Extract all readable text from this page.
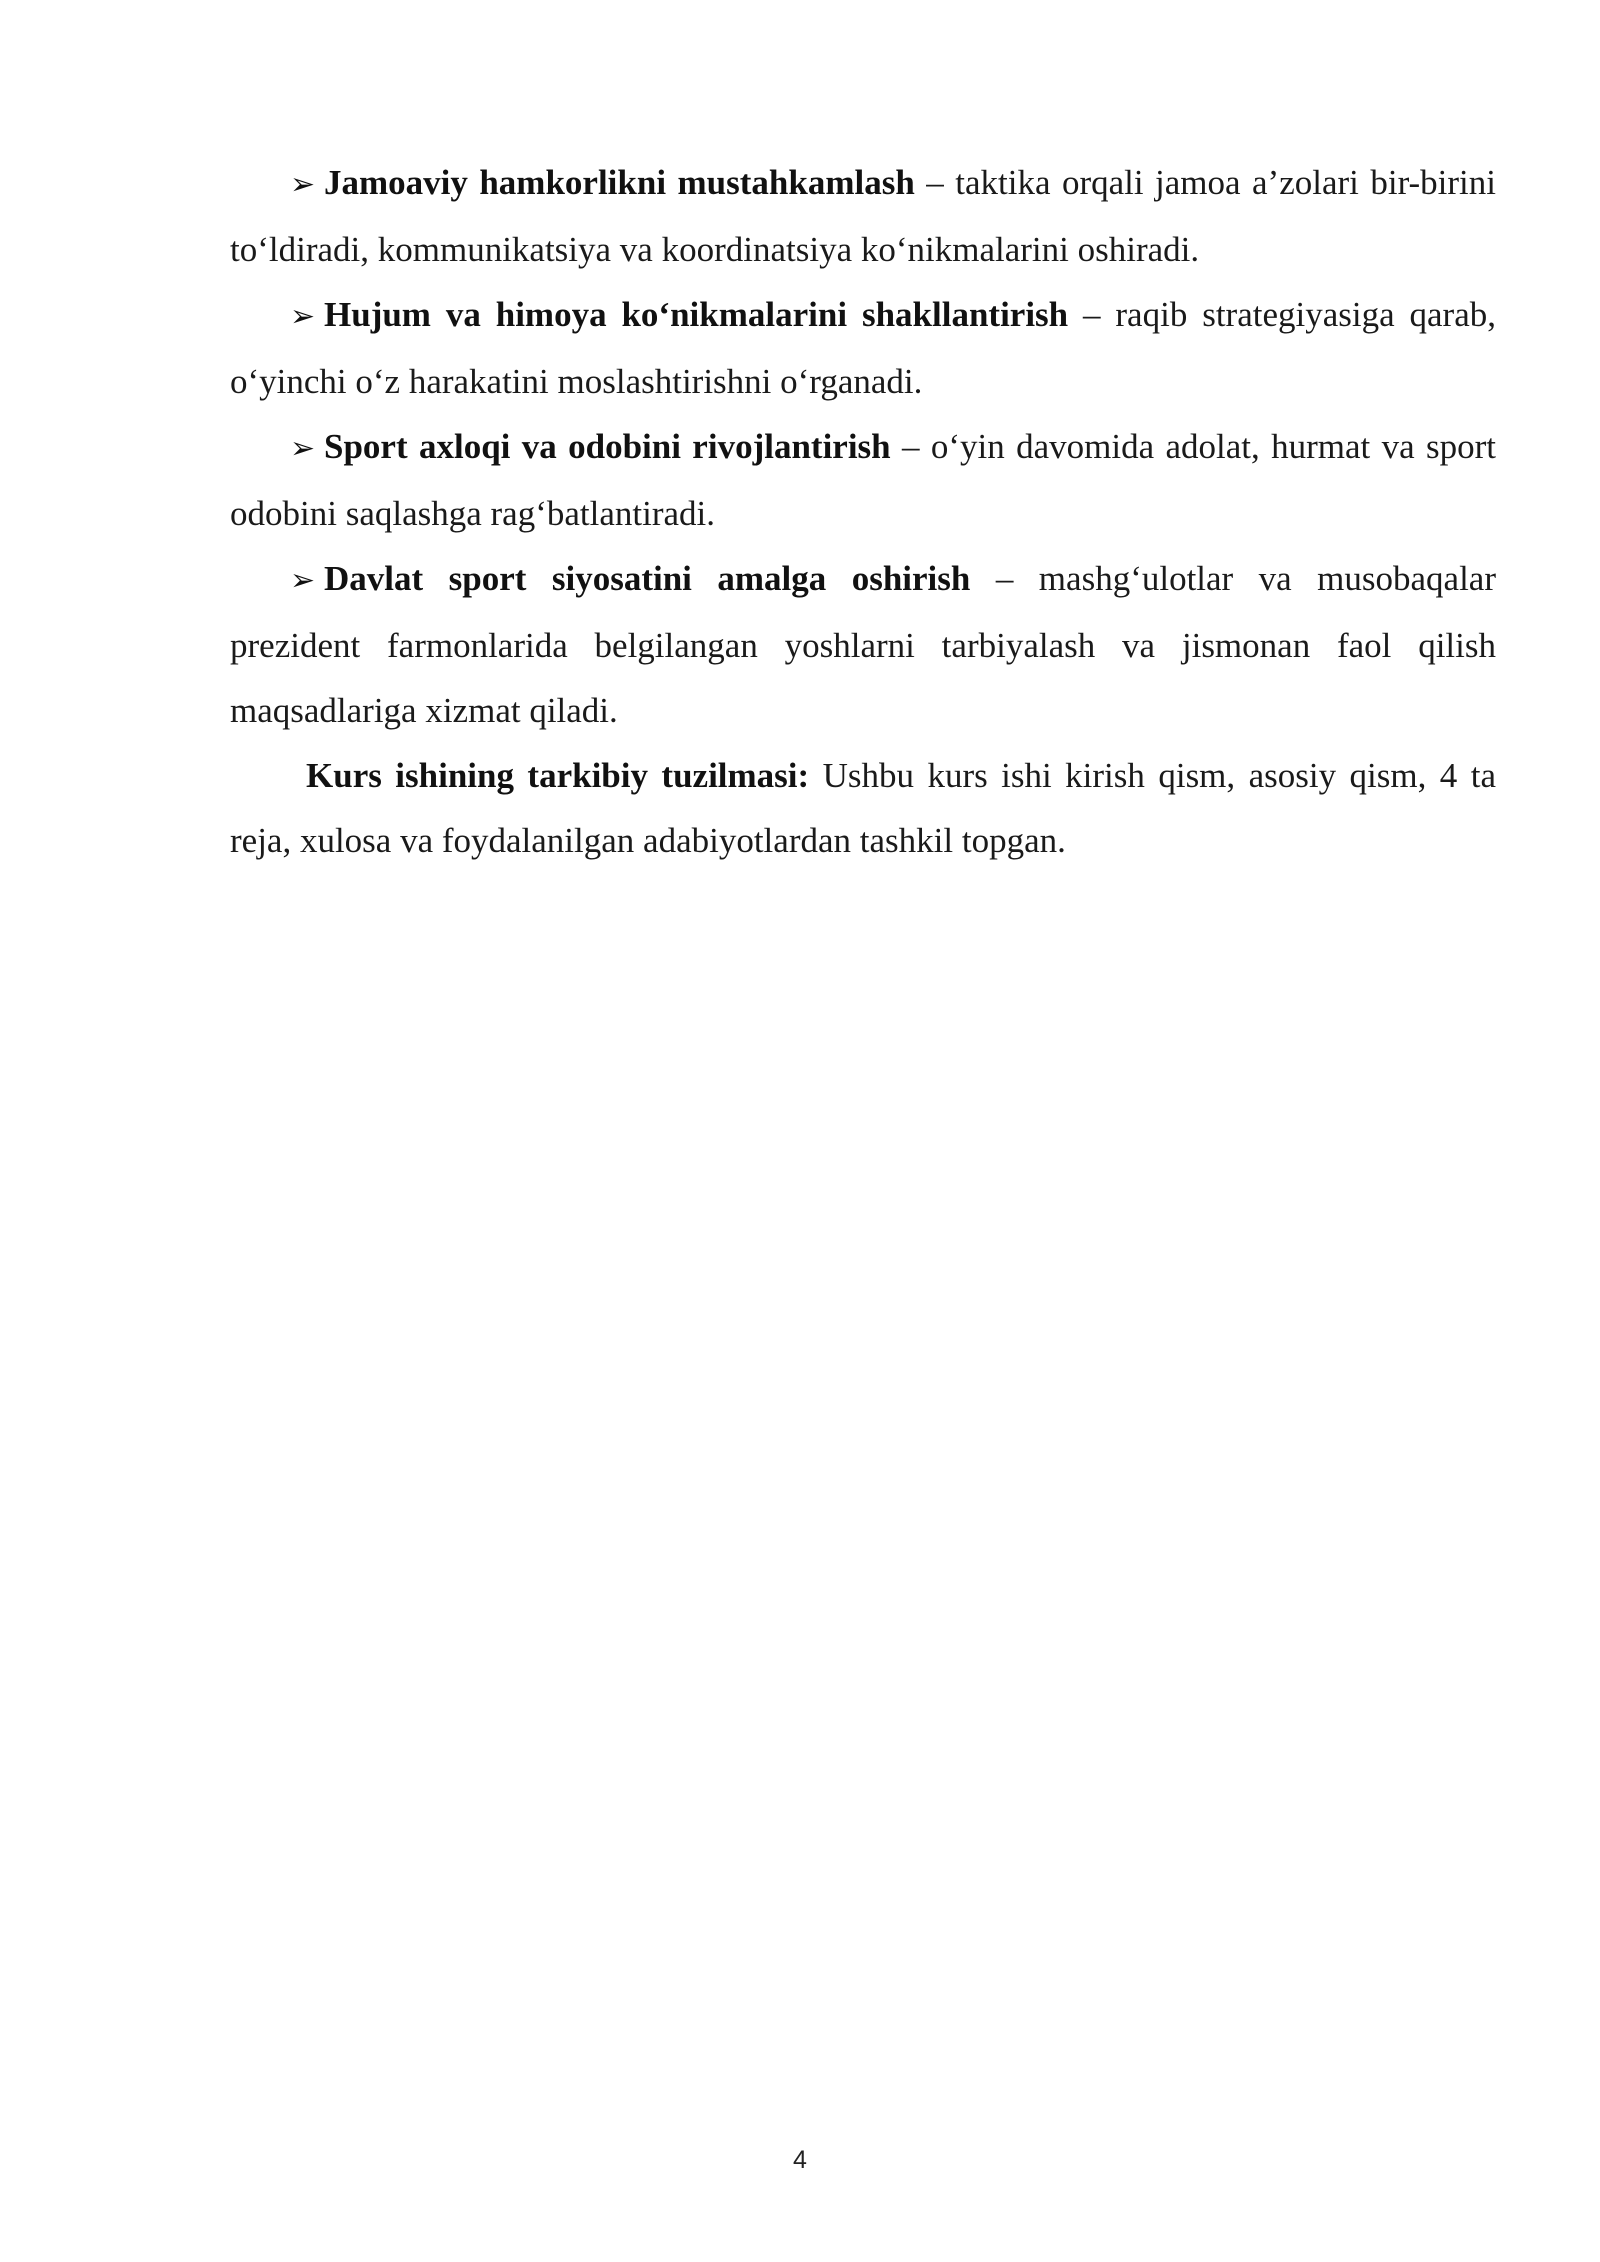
➢ Jamoaviy hamkorlikni mustahkamlash – taktika orqali jamoa a’zolari bir-birini to‘ldiradi, kommunikatsiya va koordinatsiya ko‘nikmalarini oshiradi.

➢ Hujum va himoya ko‘nikmalarini shakllantirish – raqib strategiyasiga qarab, o‘yinchi o‘z harakatini moslashtirishni o‘rganadi.

➢ Sport axloqi va odobini rivojlantirish – o‘yin davomida adolat, hurmat va sport odobini saqlashga rag‘batlantiradi.

➢ Davlat sport siyosatini amalga oshirish – mashg‘ulotlar va musobaqalar prezident farmonlarida belgilangan yoshlarni tarbiyalash va jismonan faol qilish maqsadlariga xizmat qiladi.

Kurs ishining tarkibiy tuzilmasi: Ushbu kurs ishi kirish qism, asosiy qism, 4 ta reja, xulosa va foydalanilgan adabiyotlardan tashkil topgan.

4
